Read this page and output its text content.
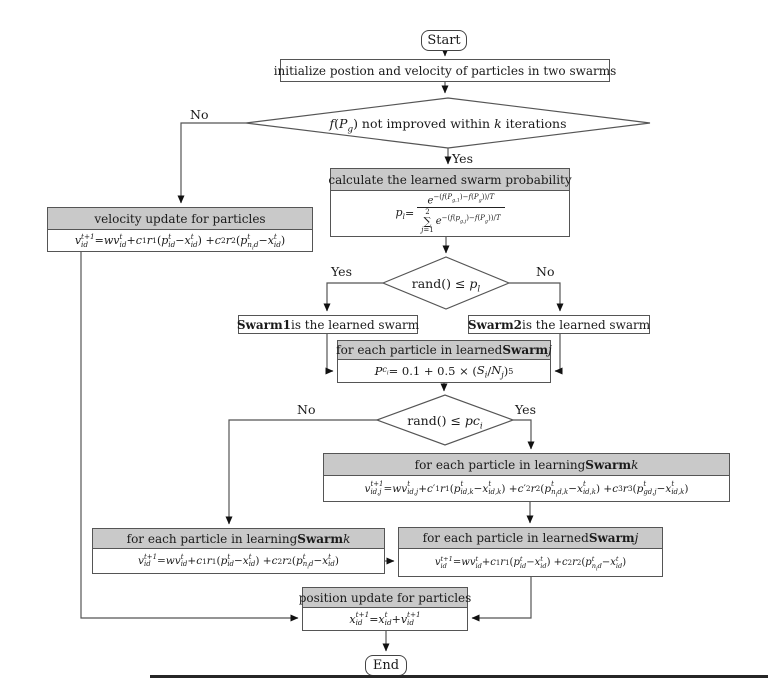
Start
End
initialize postion and velocity of particles in two swarms
$f(P_g)$ not improved within k iterations
rand() ≤ $p_l$
rand() ≤ $pc_i$
No
Yes
Yes	No
No	Yes
calculate the learned swarm probability
$p_l = e^{-(f(P_{g,1})-f(P_g))/T}$
2
∑
j=1
$e^{-(f(p_{g,j})-f(P_g))/T}$
velocity update for particles
v t+1
id = wv t
id + c 1 r 1 ( p t
id − x t
id ) + c 2 r 2 ( p t
$n_id - x$ t
id )
Swarm1 is the learned swarm	Swarm2 is the learned swarm
for each particle in learned Swarm j
P $c_i = 0.1 + 0.5$ × ( $S_i / N_j$ ) 5
for each particle in learning Swarm k
v t+1
id,j = wv t
id,j + c ′ 1 r 1 ( p t
id,k − x t
id,k ) + c ′ 2 r 2 ( p t
$n_id,k - x$ t
id,k ) + c 3 r 3 ( p t
gd,j − x t
id,k )
for each particle in learning Swarm k
v t+1
id = wv t
id + c 1 r 1 ( p t
id − x t
id ) + c 2 r 2 ( p t
$n_id - x$ t
id )
for each particle in learned Swarm j
v t+1
id = wv t
id + c 1 r 1 ( p t
id − x t
id ) + c 2 r 2 ( p t
$n_id - x$ t
id )
position update for particles
x t+1
id = x t
id + v t+1
id
